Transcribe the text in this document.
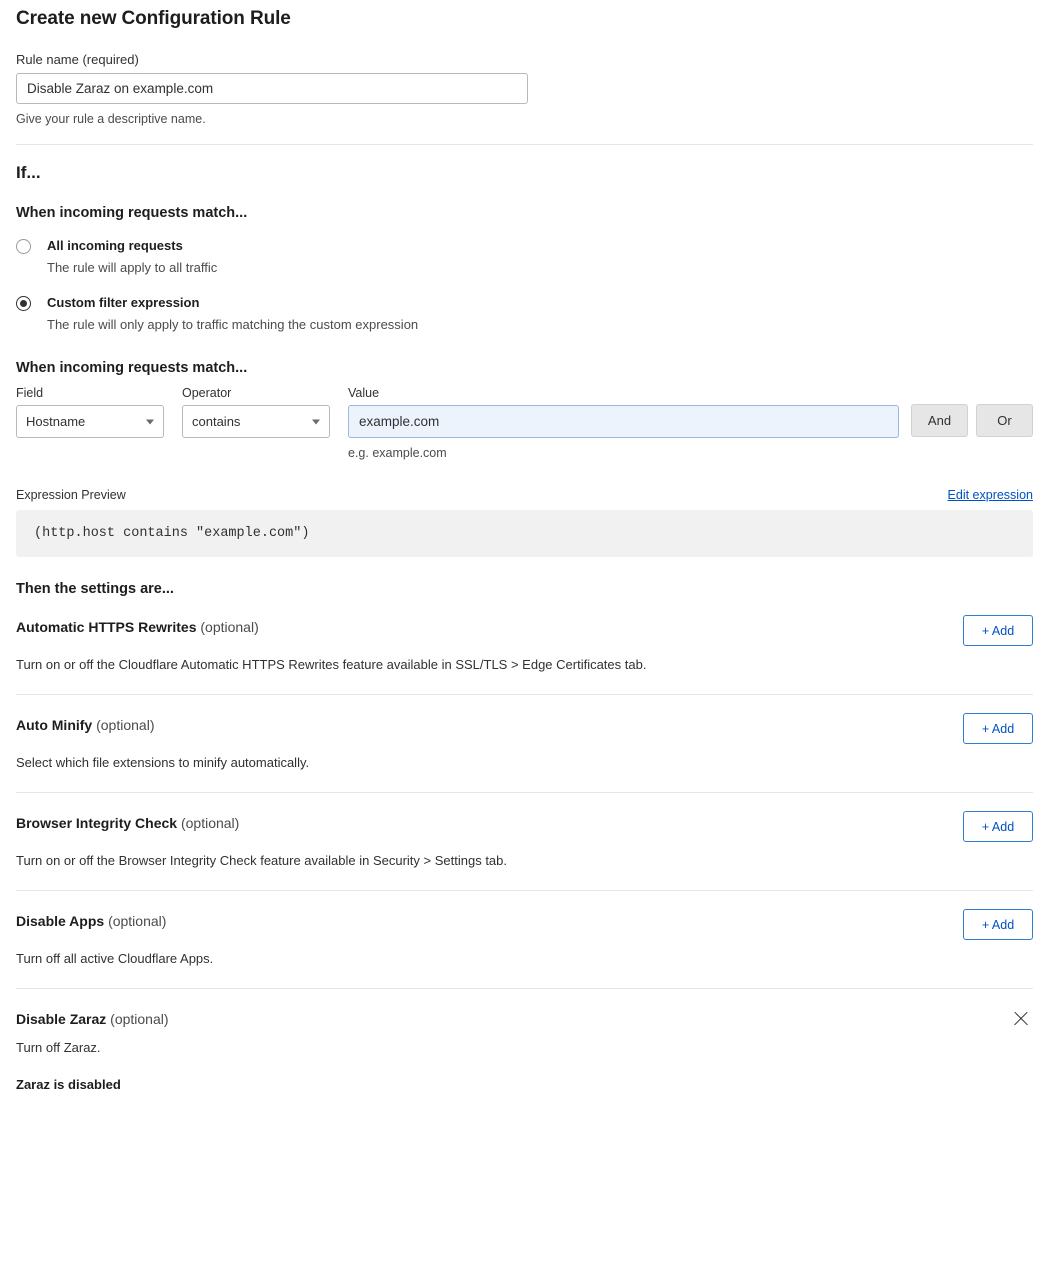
Create new Configuration Rule
Rule name (required)
Disable Zaraz on example.com
Give your rule a descriptive name.
If...
When incoming requests match...
All incoming requests
The rule will apply to all traffic
Custom filter expression
The rule will only apply to traffic matching the custom expression
When incoming requests match...
Field
Hostname
Operator
contains
Value
example.com
e.g. example.com
And	Or
Expression Preview	Edit expression
(http.host contains "example.com")
Then the settings are...
Automatic HTTPS Rewrites (optional)	+ Add
Turn on or off the Cloudflare Automatic HTTPS Rewrites feature available in SSL/TLS > Edge Certificates tab.
Auto Minify (optional)	+ Add
Select which file extensions to minify automatically.
Browser Integrity Check (optional)	+ Add
Turn on or off the Browser Integrity Check feature available in Security > Settings tab.
Disable Apps (optional)	+ Add
Turn off all active Cloudflare Apps.
Disable Zaraz (optional)
Turn off Zaraz.
Zaraz is disabled
